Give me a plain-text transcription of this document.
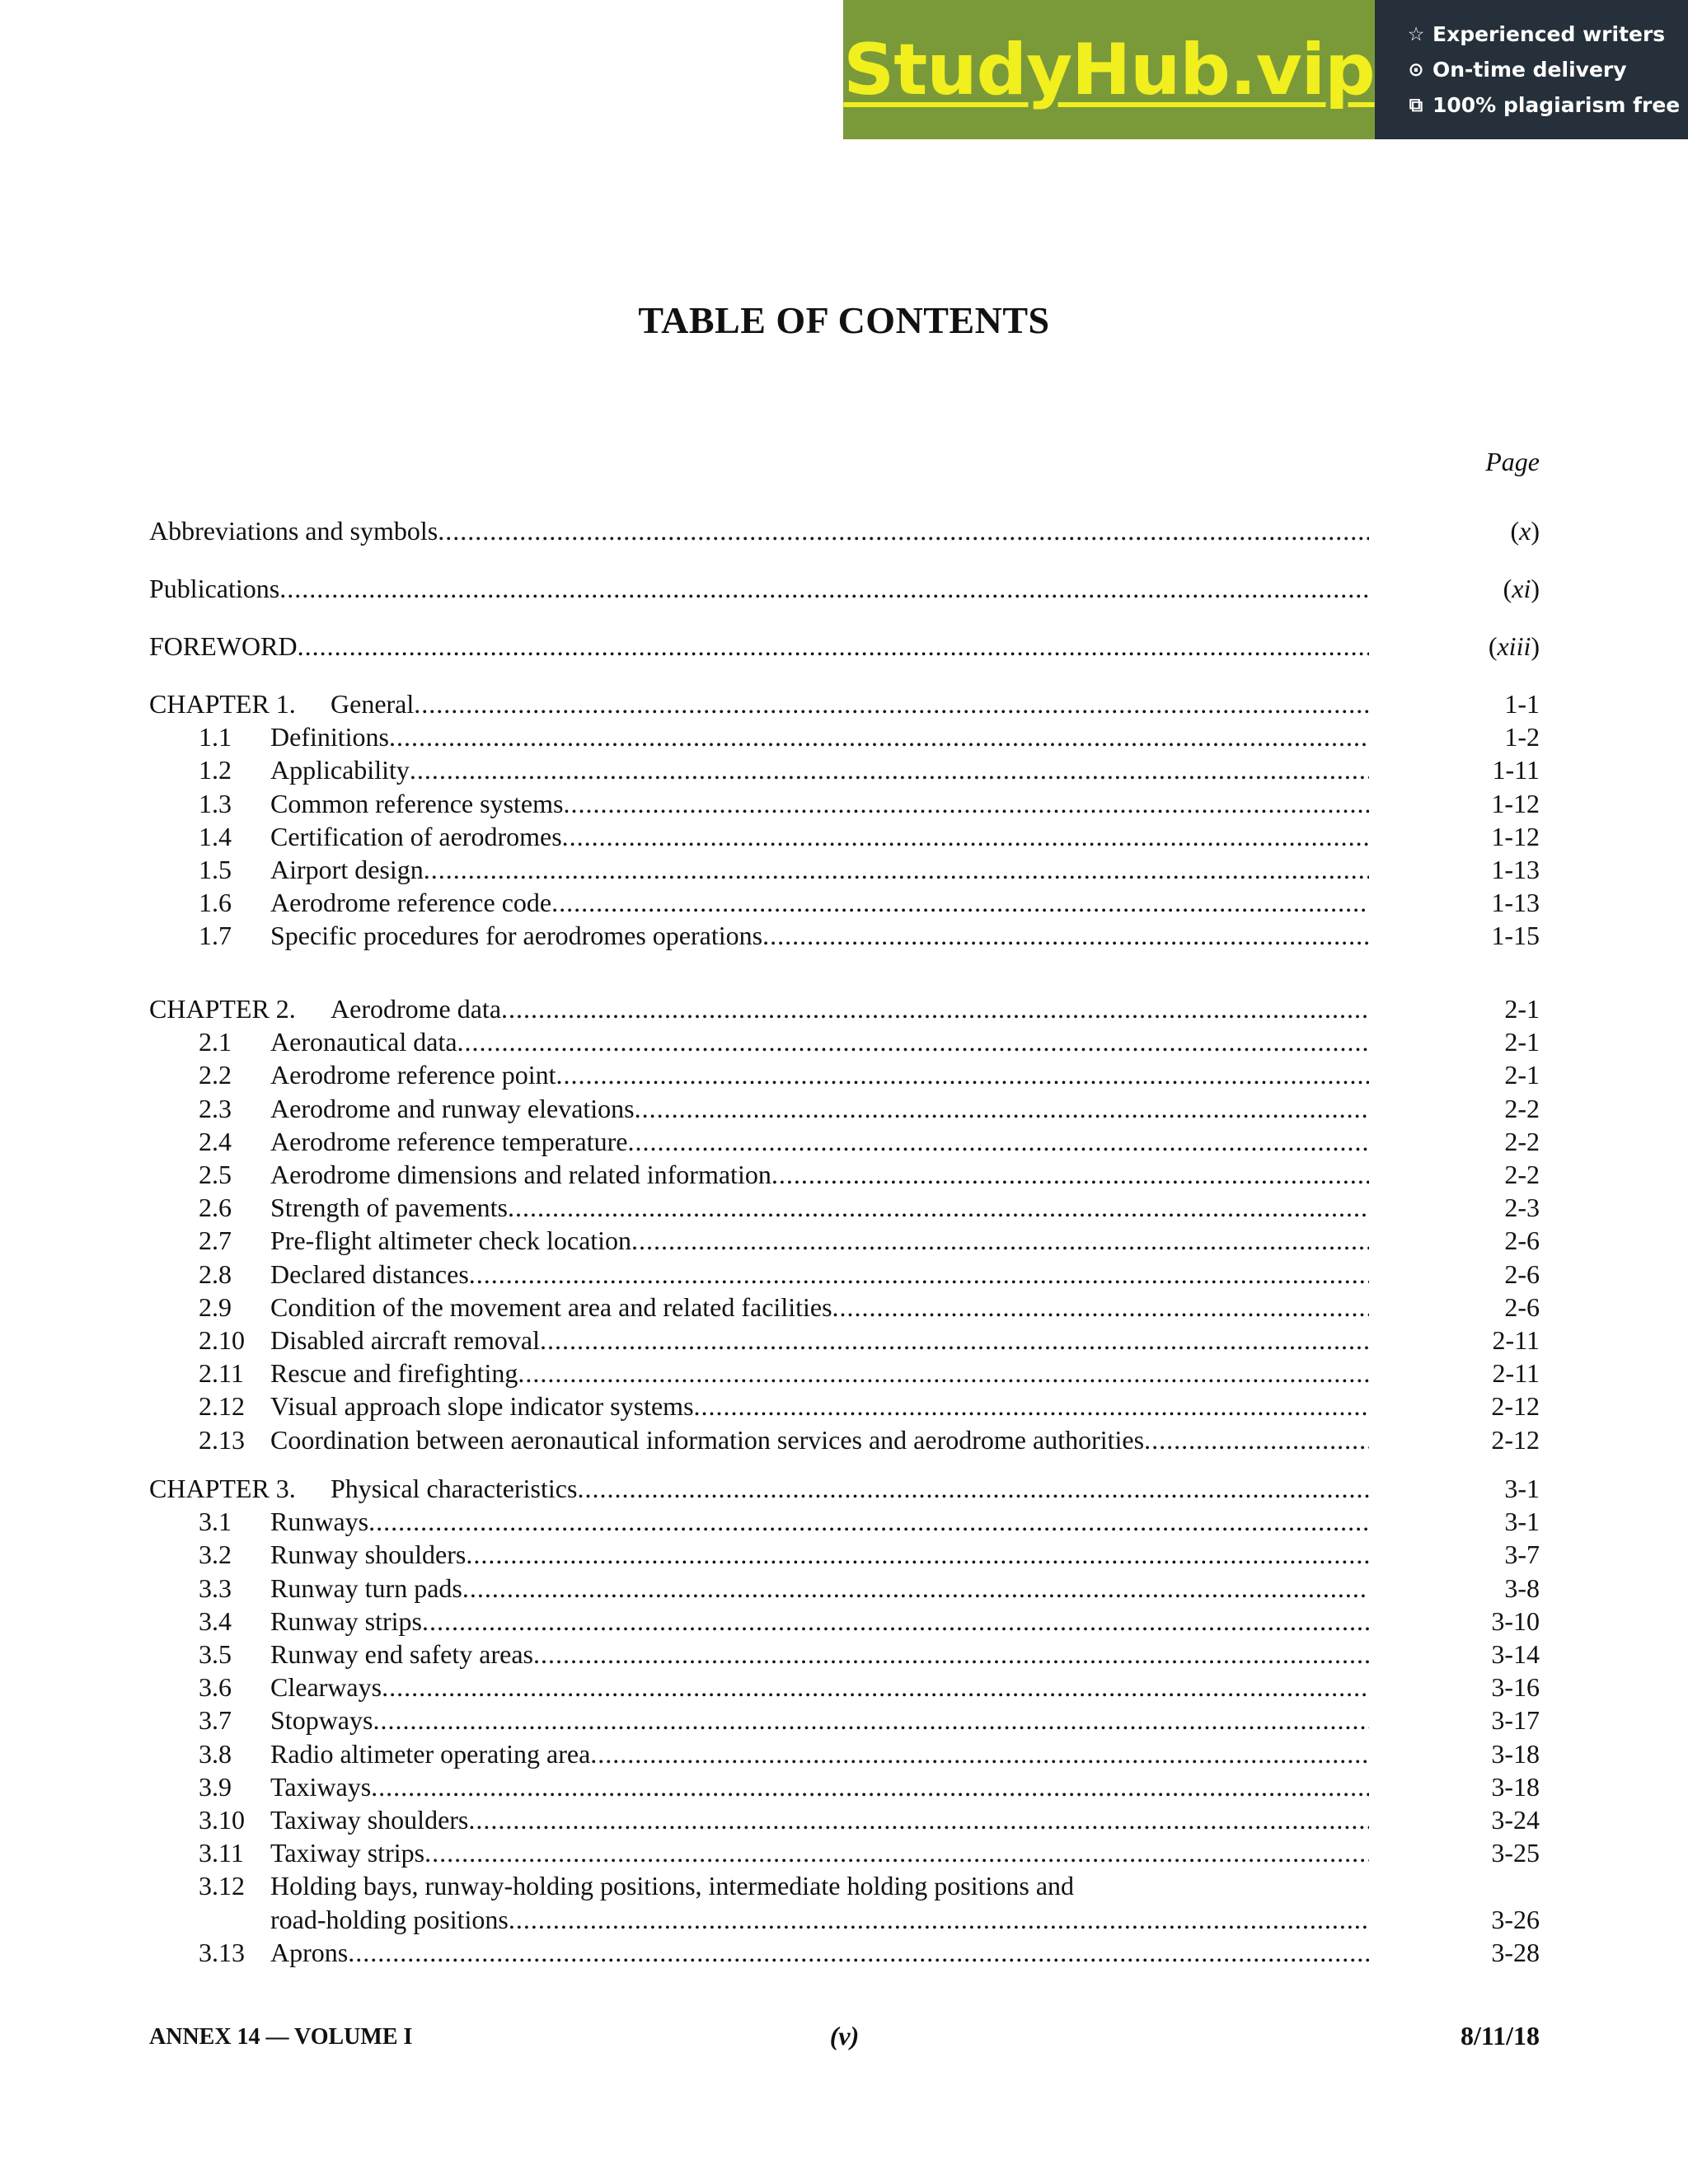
StudyHub.vip ☆ Experienced writers
⊙ On-time delivery
⧉ 100% plagiarism free
TABLE OF CONTENTS
Page
Abbreviations and symbols .....	(x)
Publications .....	(xi)
FOREWORD .....	(xiii)
CHAPTER 1. General .....	1-1
1.1 Definitions .....	1-2
1.2 Applicability .....	1-11
1.3 Common reference systems .....	1-12
1.4 Certification of aerodromes .....	1-12
1.5 Airport design .....	1-13
1.6 Aerodrome reference code .....	1-13
1.7 Specific procedures for aerodromes operations .....	1-15
CHAPTER 2. Aerodrome data .....	2-1
2.1 Aeronautical data .....	2-1
2.2 Aerodrome reference point .....	2-1
2.3 Aerodrome and runway elevations .....	2-2
2.4 Aerodrome reference temperature .....	2-2
2.5 Aerodrome dimensions and related information .....	2-2
2.6 Strength of pavements .....	2-3
2.7 Pre-flight altimeter check location .....	2-6
2.8 Declared distances .....	2-6
2.9 Condition of the movement area and related facilities .....	2-6
2.10 Disabled aircraft removal .....	2-11
2.11 Rescue and firefighting .....	2-11
2.12 Visual approach slope indicator systems .....	2-12
2.13 Coordination between aeronautical information services and aerodrome authorities .....	2-12
CHAPTER 3. Physical characteristics .....	3-1
3.1 Runways .....	3-1
3.2 Runway shoulders .....	3-7
3.3 Runway turn pads .....	3-8
3.4 Runway strips .....	3-10
3.5 Runway end safety areas .....	3-14
3.6 Clearways .....	3-16
3.7 Stopways .....	3-17
3.8 Radio altimeter operating area .....	3-18
3.9 Taxiways .....	3-18
3.10 Taxiway shoulders .....	3-24
3.11 Taxiway strips .....	3-25
3.12 Holding bays, runway-holding positions, intermediate holding positions and
road-holding positions .....	3-26
3.13 Aprons .....	3-28
ANNEX 14 — VOLUME I	(v)	8/11/18
